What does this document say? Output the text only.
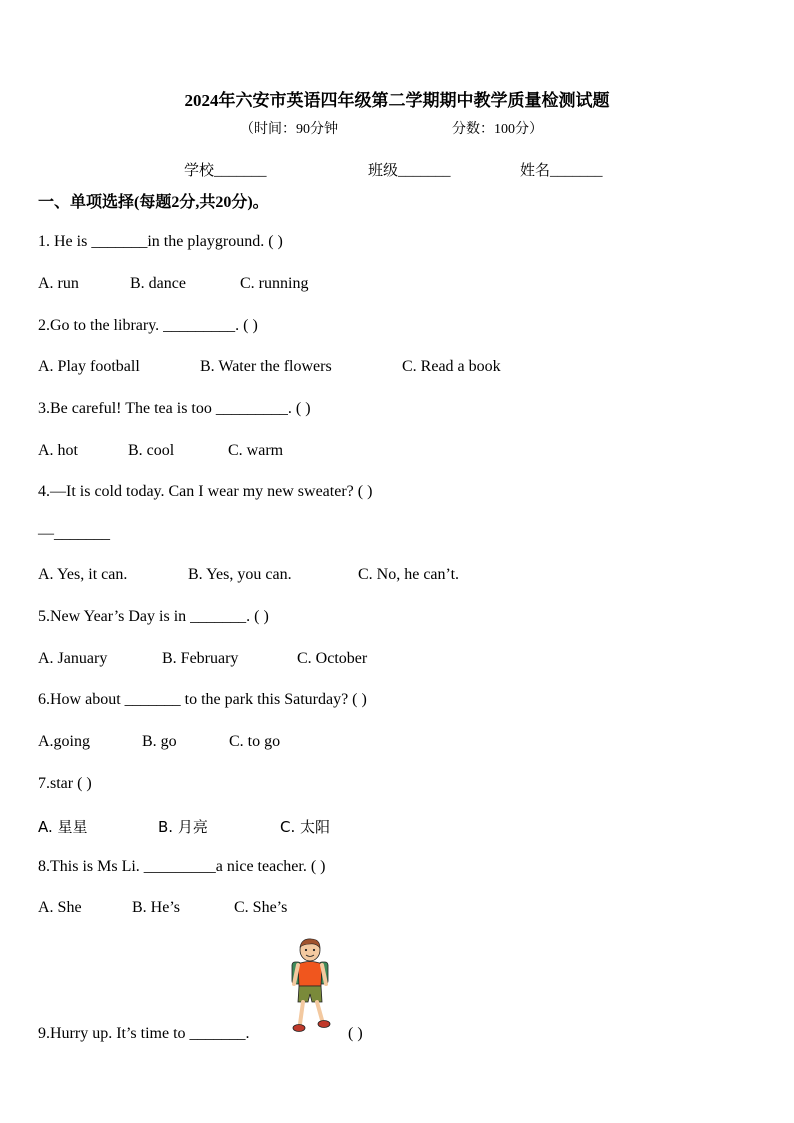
2024年六安市英语四年级第二学期期中教学质量检测试题
（时间：90分钟	分数：100分）
学校_______	班级_______	姓名_______
一、单项选择(每题2分,共20分)。
1. He is _______in the playground. ( )
A. run	B. dance	C. running
2.Go to the library. _________. ( )
A. Play football	B. Water the flowers	C. Read a book
3.Be careful! The tea is too _________. ( )
A. hot	B. cool	C. warm
4.—It is cold today. Can I wear my new sweater? ( )
—_______
A. Yes, it can.	B. Yes, you can.	C. No, he can’t.
5.New Year’s Day is in _______. ( )
A. January	B. February	C. October
6.How about _______ to the park this Saturday? ( )
A.going	B. go	C. to go
7.star ( )
A. 星星	B. 月亮	C. 太阳
8.This is Ms Li. _________a nice teacher. ( )
A. She	B. He’s	C. She’s
9.Hurry up. It’s time to _______.	( )
